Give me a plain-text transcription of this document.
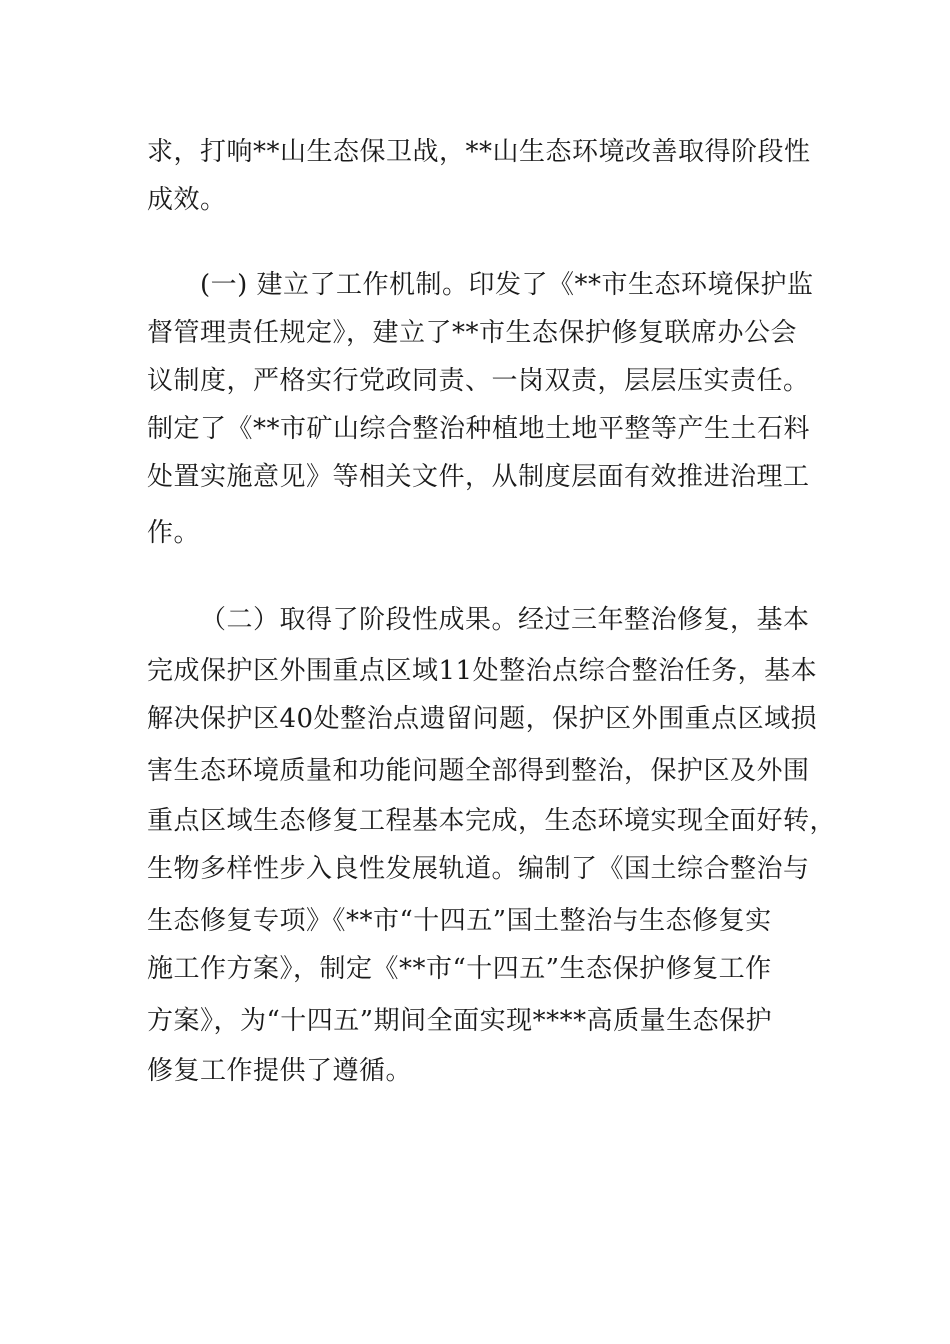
求，打响**山生态保卫战，**山生态环境改善取得阶段性
成效。
(一) 建立了工作机制。印发了《**市生态环境保护监
督管理责任规定》，建立了**市生态保护修复联席办公会
议制度，严格实行党政同责、一岗双责，层层压实责任。
制定了《**市矿山综合整治种植地土地平整等产生土石料
处置实施意见》等相关文件，从制度层面有效推进治理工
作。
（二）取得了阶段性成果。经过三年整治修复，基本
完成保护区外围重点区域11处整治点综合整治任务，基本
解决保护区40处整治点遗留问题，保护区外围重点区域损
害生态环境质量和功能问题全部得到整治，保护区及外围
重点区域生态修复工程基本完成，生态环境实现全面好转，
生物多样性步入良性发展轨道。编制了《国土综合整治与
生态修复专项》《**市“十四五”国土整治与生态修复实
施工作方案》，制定《**市“十四五”生态保护修复工作
方案》，为“十四五”期间全面实现****高质量生态保护
修复工作提供了遵循。
